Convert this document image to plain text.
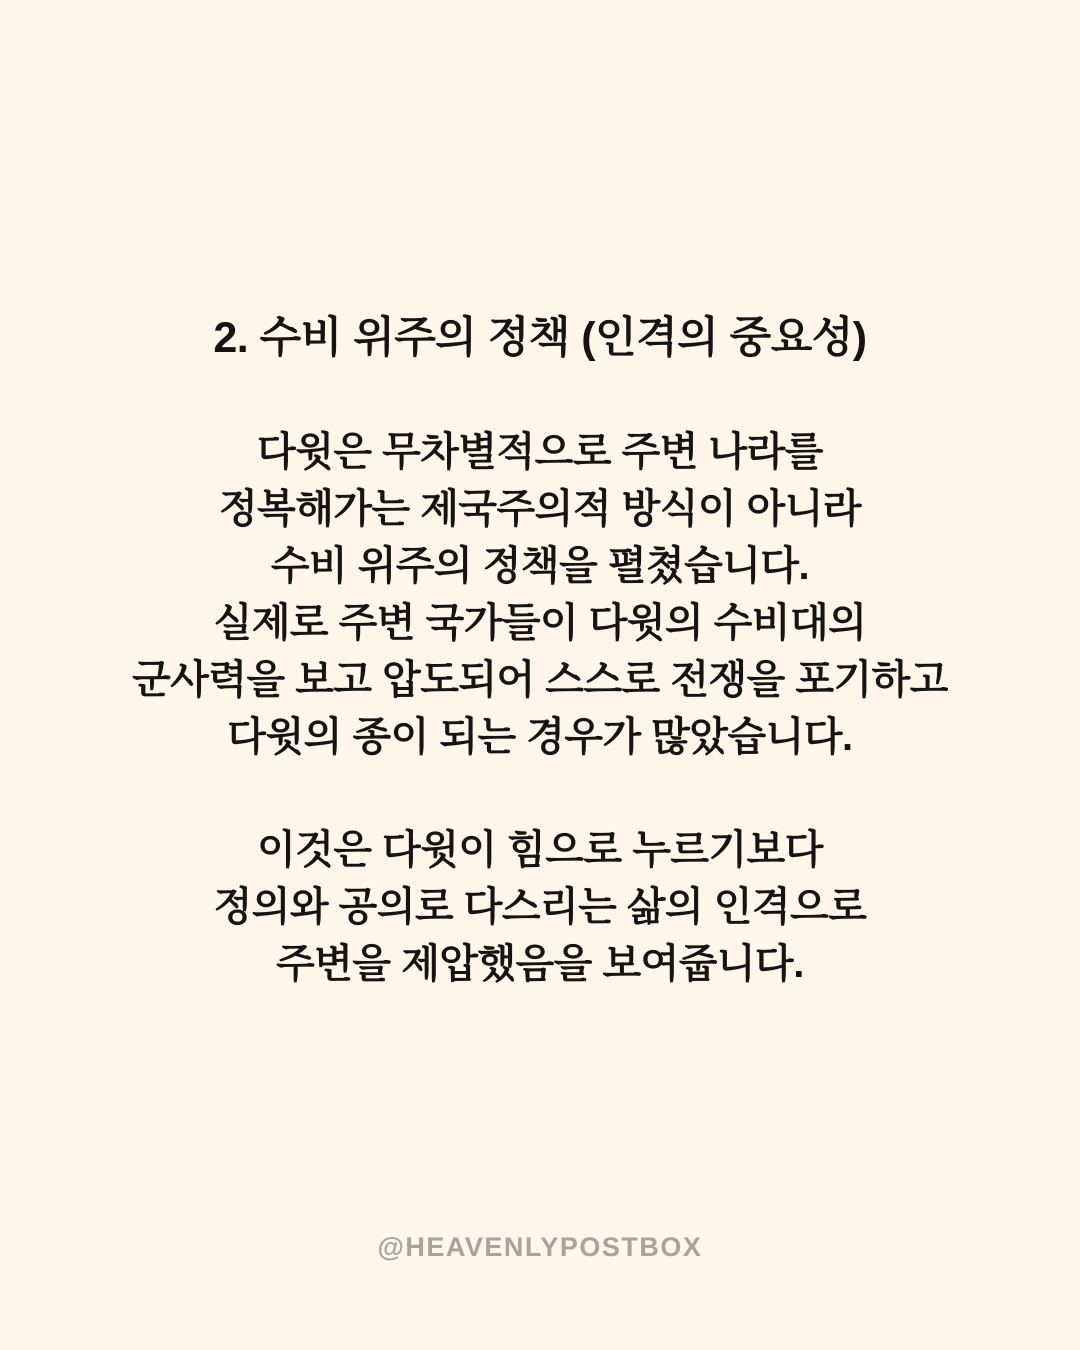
2. 수비 위주의 정책 (인격의 중요성)

다윗은 무차별적으로 주변 나라를
정복해가는 제국주의적 방식이 아니라
수비 위주의 정책을 펼쳤습니다.
실제로 주변 국가들이 다윗의 수비대의
군사력을 보고 압도되어 스스로 전쟁을 포기하고
다윗의 종이 되는 경우가 많았습니다.

이것은 다윗이 힘으로 누르기보다
정의와 공의로 다스리는 삶의 인격으로
주변을 제압했음을 보여줍니다.

@HEAVENLYPOSTBOX
